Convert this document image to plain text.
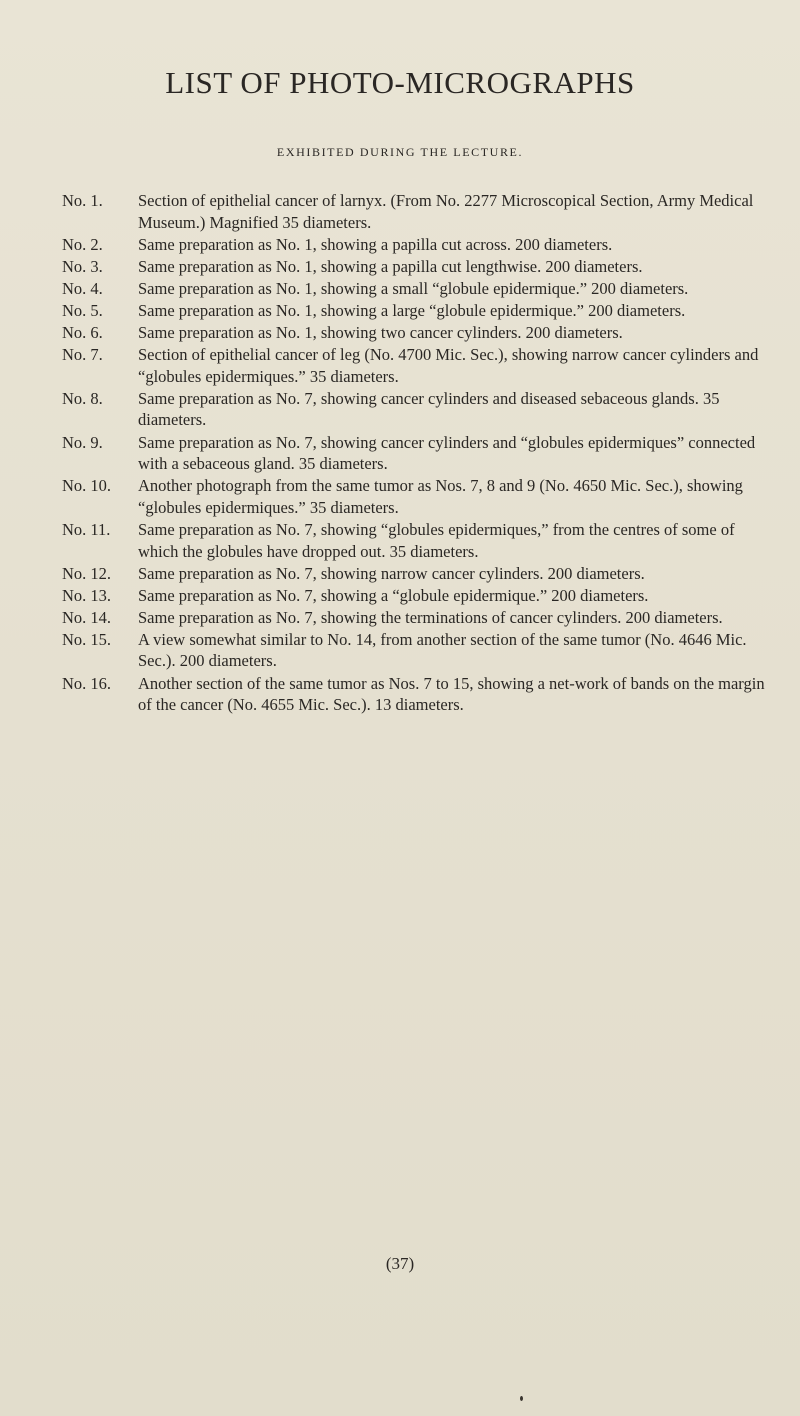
LIST OF PHOTO-MICROGRAPHS

EXHIBITED DURING THE LECTURE.

No. 1.	Section of epithelial cancer of larnyx. (From No. 2277 Microscopical Section, Army Medical Museum.) Magnified 35 diameters.
No. 2.	Same preparation as No. 1, showing a papilla cut across. 200 diameters.
No. 3.	Same preparation as No. 1, showing a papilla cut lengthwise. 200 diameters.
No. 4.	Same preparation as No. 1, showing a small “globule epidermique.” 200 diameters.
No. 5.	Same preparation as No. 1, showing a large “globule epidermique.” 200 diameters.
No. 6.	Same preparation as No. 1, showing two cancer cylinders. 200 diameters.
No. 7.	Section of epithelial cancer of leg (No. 4700 Mic. Sec.), showing narrow cancer cylinders and “globules epidermiques.” 35 diameters.
No. 8.	Same preparation as No. 7, showing cancer cylinders and diseased sebaceous glands. 35 diameters.
No. 9.	Same preparation as No. 7, showing cancer cylinders and “globules epidermiques” connected with a sebaceous gland. 35 diameters.
No. 10.	Another photograph from the same tumor as Nos. 7, 8 and 9 (No. 4650 Mic. Sec.), showing “globules epidermiques.” 35 diameters.
No. 11.	Same preparation as No. 7, showing “globules epidermiques,” from the centres of some of which the globules have dropped out. 35 diameters.
No. 12.	Same preparation as No. 7, showing narrow cancer cylinders. 200 diameters.
No. 13.	Same preparation as No. 7, showing a “globule epidermique.” 200 diameters.
No. 14.	Same preparation as No. 7, showing the terminations of cancer cylinders. 200 diameters.
No. 15.	A view somewhat similar to No. 14, from another section of the same tumor (No. 4646 Mic. Sec.). 200 diameters.
No. 16.	Another section of the same tumor as Nos. 7 to 15, showing a net-work of bands on the margin of the cancer (No. 4655 Mic. Sec.). 13 diameters.

(37)
